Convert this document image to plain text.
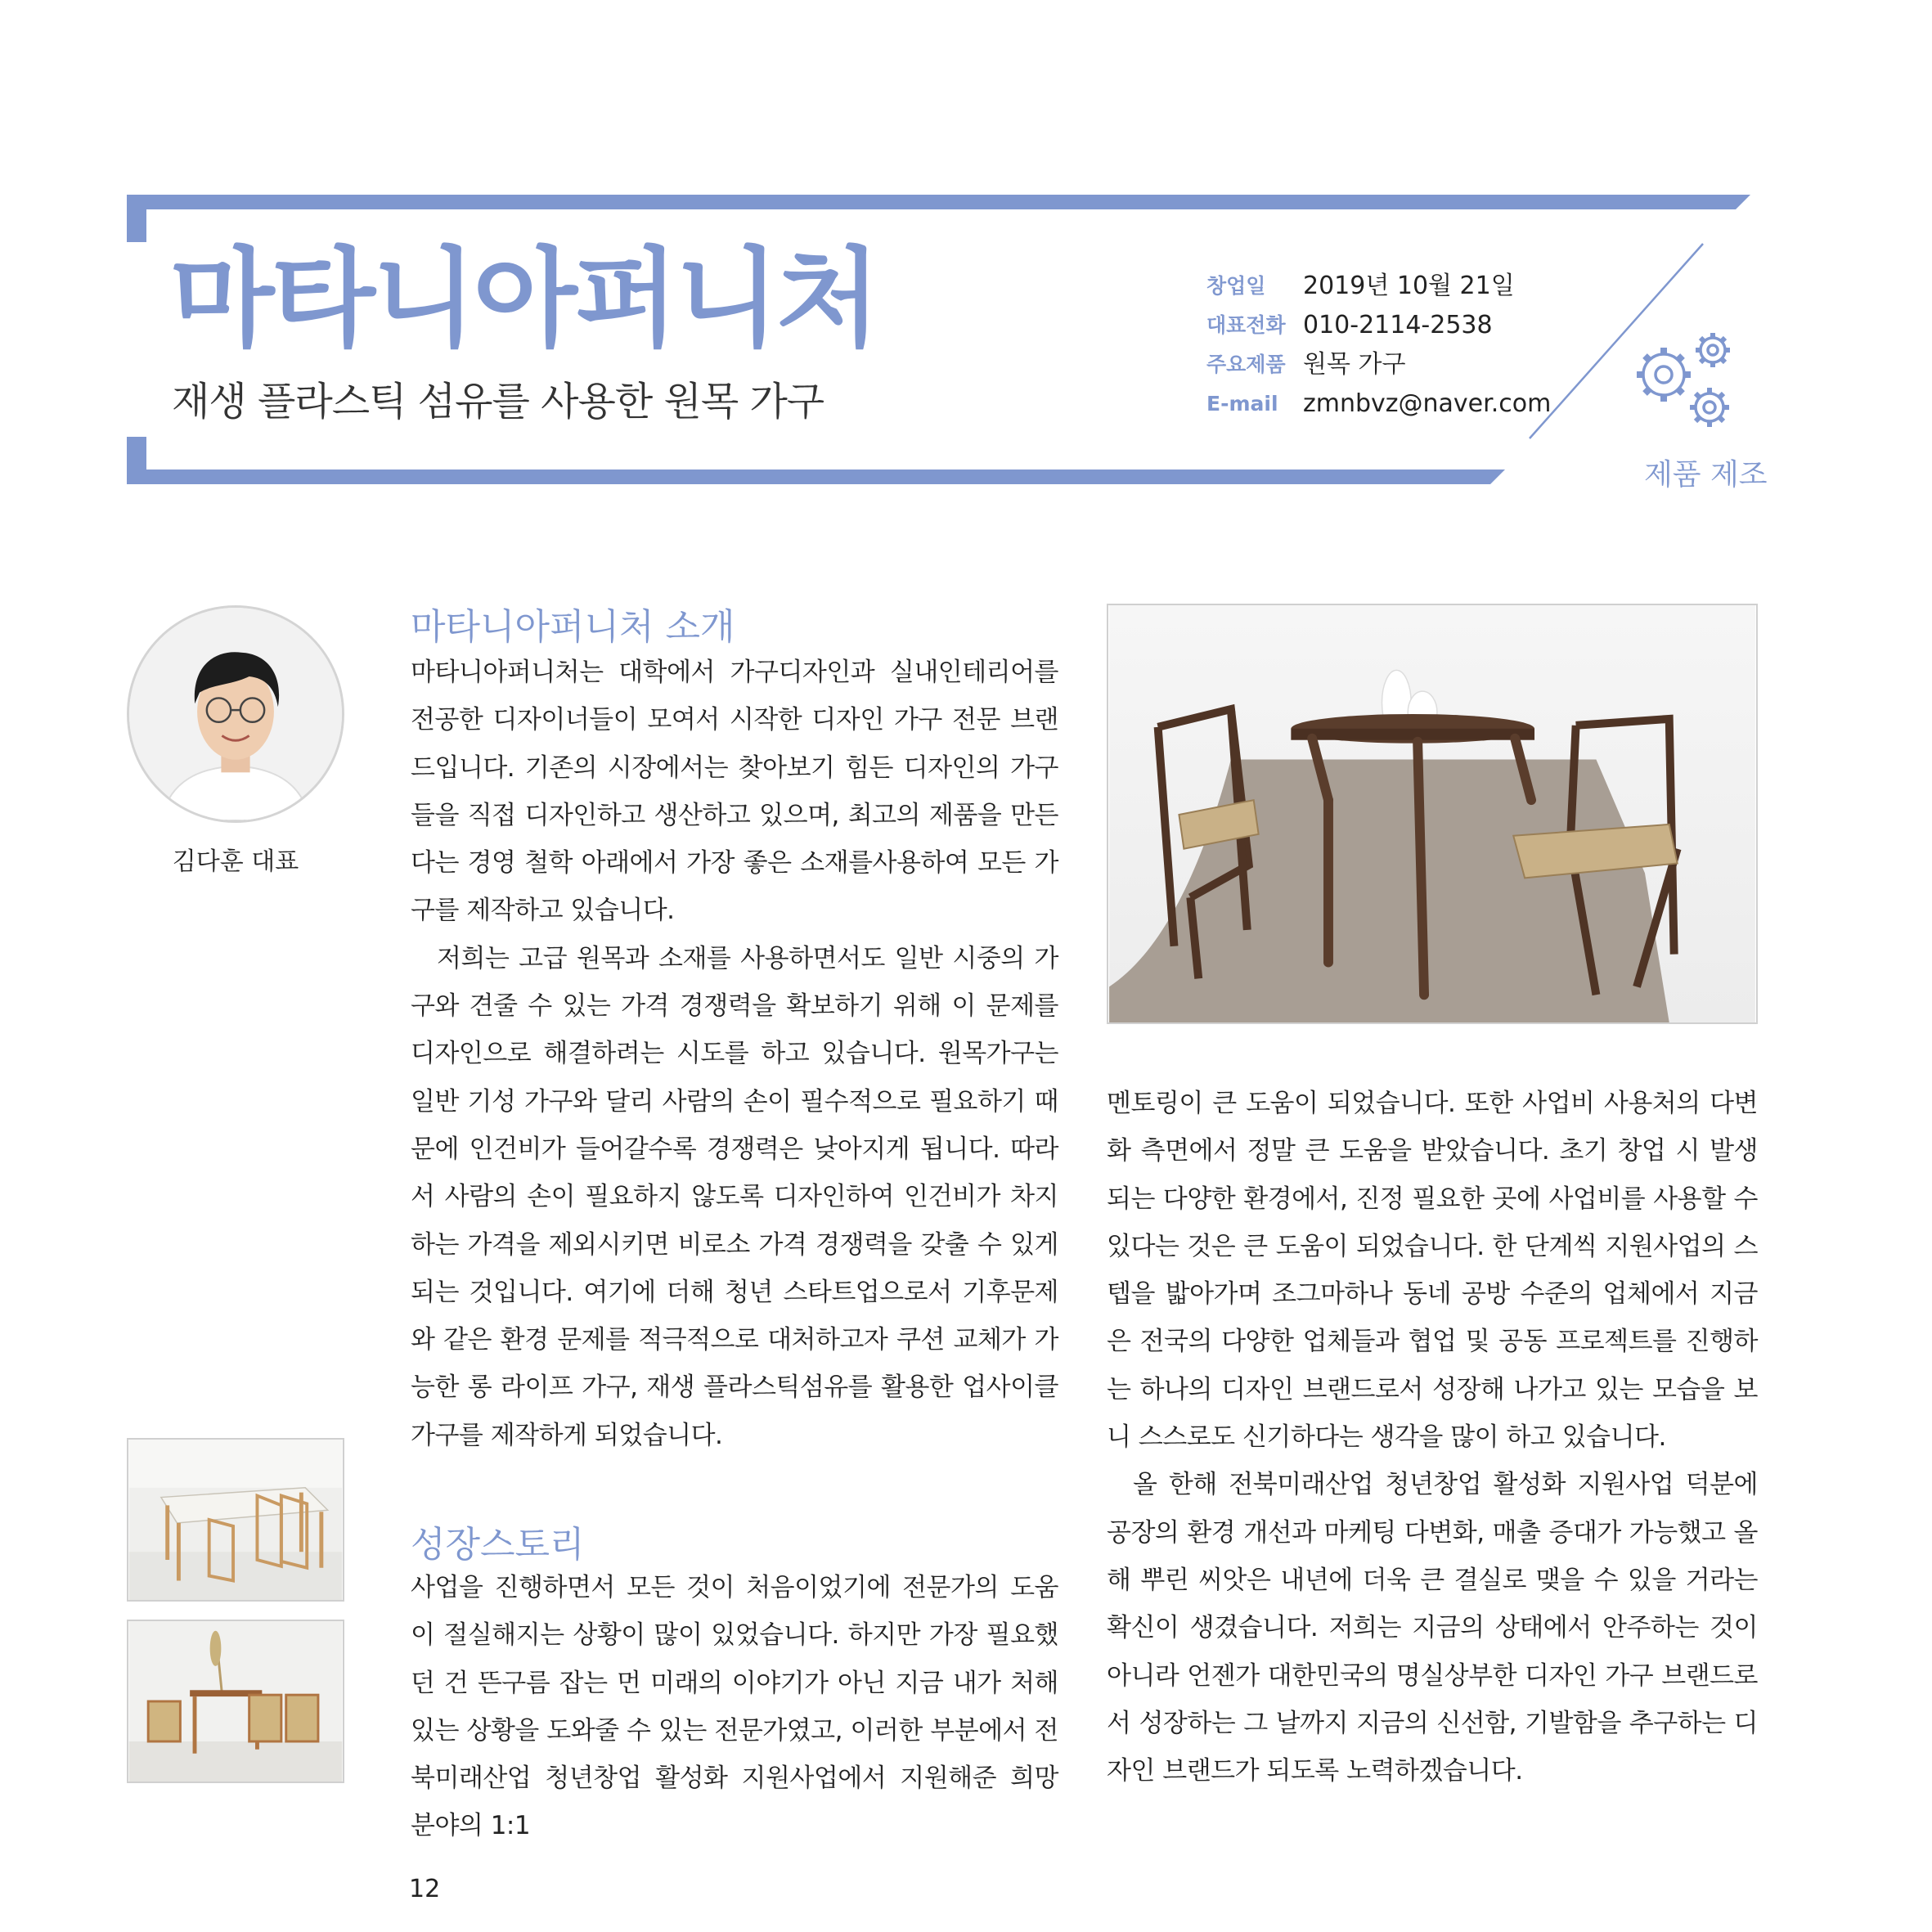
마타니아퍼니처
재생 플라스틱 섬유를 사용한 원목 가구
창업일	2019년 10월 21일
대표전화 010-2114-2538
주요제품 원목 가구
E-mail	zmnbvz@naver.com
제품 제조
김다훈 대표
마타니아퍼니처 소개

마타니아퍼니처는 대학에서 가구디자인과 실내인테리어를 전공한 디자이너들이 모여서 시작한 디자인 가구 전문 브랜드입니다. 기존의 시장에서는 찾아보기 힘든 디자인의 가구들을 직접 디자인하고 생산하고 있으며, 최고의 제품을 만든다는 경영 철학 아래에서 가장 좋은 소재를사용하여 모든 가구를 제작하고 있습니다.

저희는 고급 원목과 소재를 사용하면서도 일반 시중의 가구와 견줄 수 있는 가격 경쟁력을 확보하기 위해 이 문제를 디자인으로 해결하려는 시도를 하고 있습니다. 원목가구는 일반 기성 가구와 달리 사람의 손이 필수적으로 필요하기 때문에 인건비가 들어갈수록 경쟁력은 낮아지게 됩니다. 따라서 사람의 손이 필요하지 않도록 디자인하여 인건비가 차지하는 가격을 제외시키면 비로소 가격 경쟁력을 갖출 수 있게 되는 것입니다. 여기에 더해 청년 스타트업으로서 기후문제와 같은 환경 문제를 적극적으로 대처하고자 쿠션 교체가 가능한 롱 라이프 가구, 재생 플라스틱섬유를 활용한 업사이클 가구를 제작하게 되었습니다.

성장스토리

사업을 진행하면서 모든 것이 처음이었기에 전문가의 도움이 절실해지는 상황이 많이 있었습니다. 하지만 가장 필요했던 건 뜬구름 잡는 먼 미래의 이야기가 아닌 지금 내가 처해있는 상황을 도와줄 수 있는 전문가였고, 이러한 부분에서 전북미래산업 청년창업 활성화 지원사업에서 지원해준 희망 분야의 1:1

멘토링이 큰 도움이 되었습니다. 또한 사업비 사용처의 다변화 측면에서 정말 큰 도움을 받았습니다. 초기 창업 시 발생되는 다양한 환경에서, 진정 필요한 곳에 사업비를 사용할 수 있다는 것은 큰 도움이 되었습니다. 한 단계씩 지원사업의 스텝을 밟아가며 조그마하나 동네 공방 수준의 업체에서 지금은 전국의 다양한 업체들과 협업 및 공동 프로젝트를 진행하는 하나의 디자인 브랜드로서 성장해 나가고 있는 모습을 보니 스스로도 신기하다는 생각을 많이 하고 있습니다.

올 한해 전북미래산업 청년창업 활성화 지원사업 덕분에 공장의 환경 개선과 마케팅 다변화, 매출 증대가 가능했고 올해 뿌린 씨앗은 내년에 더욱 큰 결실로 맺을 수 있을 거라는 확신이 생겼습니다. 저희는 지금의 상태에서 안주하는 것이 아니라 언젠가 대한민국의 명실상부한 디자인 가구 브랜드로서 성장하는 그 날까지 지금의 신선함, 기발함을 추구하는 디자인 브랜드가 되도록 노력하겠습니다.

12
